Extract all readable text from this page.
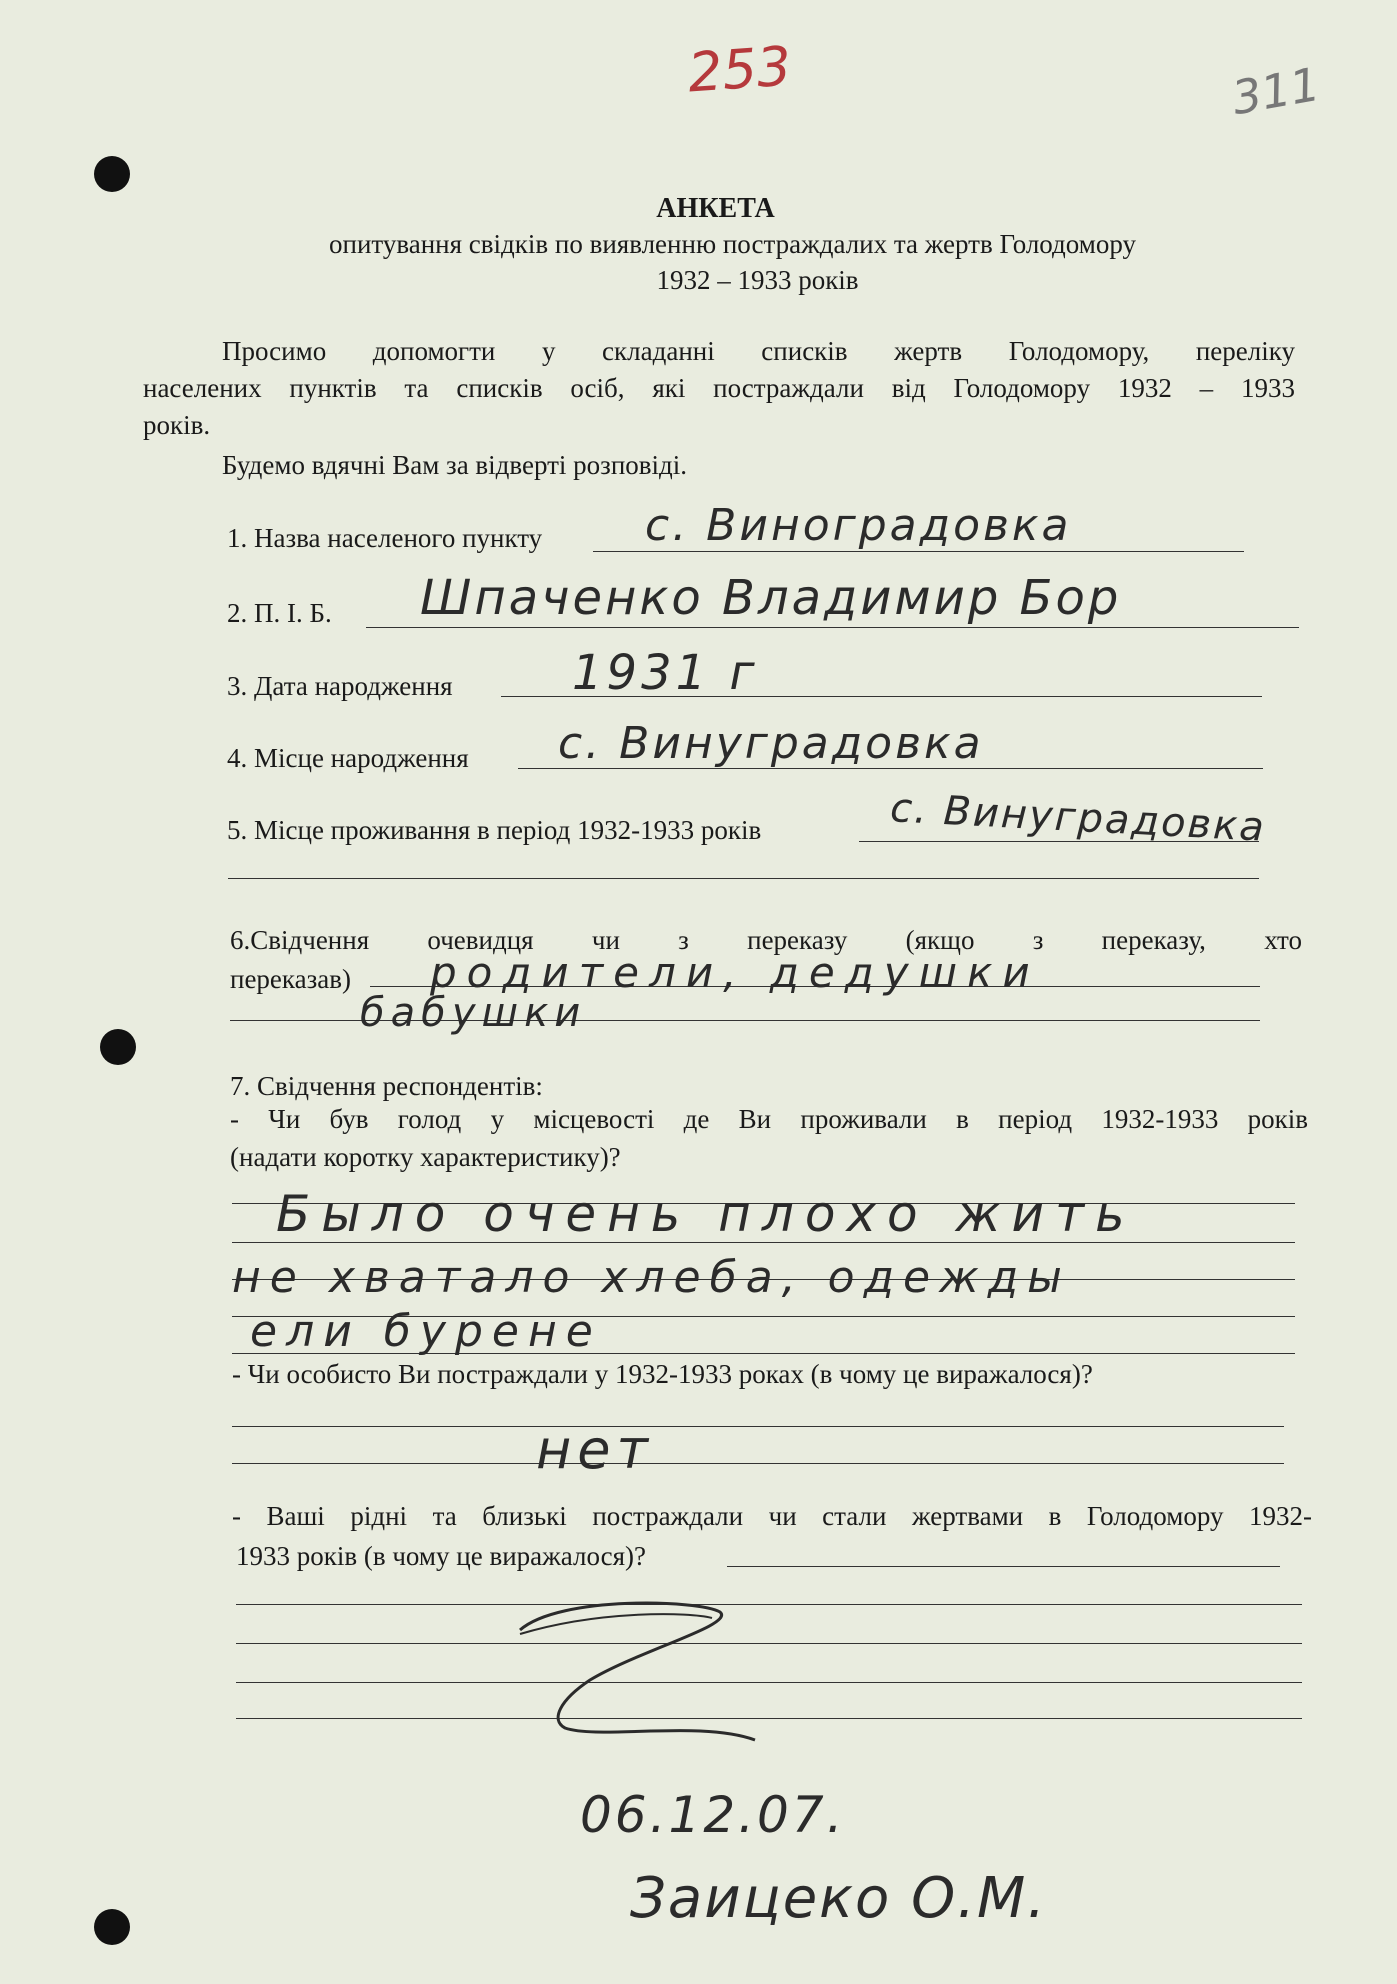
253	311
АНКЕТА
опитування свідків по виявленню постраждалих та жертв Голодомору
1932 – 1933 років
Просимо допомогти у складанні списків жертв Голодомору, переліку
населених пунктів та списків осіб, які постраждали від Голодомору 1932 – 1933
років.
Будемо вдячні Вам за відверті розповіді.
1. Назва населеного пункту с. Виноградовка
2. П. І. Б. Шпаченко Владимир Бор
3. Дата народження 1931 г
4. Місце народження с. Винуградовка
5. Місце проживання в період 1932-1933 років	с. Винуградовка
6.Свідчення очевидця чи з переказу (якщо з переказу, хто
переказав) родители, дедушки
бабушки
7. Свідчення респондентів:
- Чи був голод у місцевості де Ви проживали в період 1932-1933 років
(надати коротку характеристику)?
Было очень плохо жить
не хватало хлеба, одежды
ели бурене
- Чи особисто Ви постраждали у 1932-1933 роках (в чому це виражалося)?
нет
- Ваші рідні та близькі постраждали чи стали жертвами в Голодомору 1932-
1933 років (в чому це виражалося)?
06.12.07.
Заицеко О.М.
